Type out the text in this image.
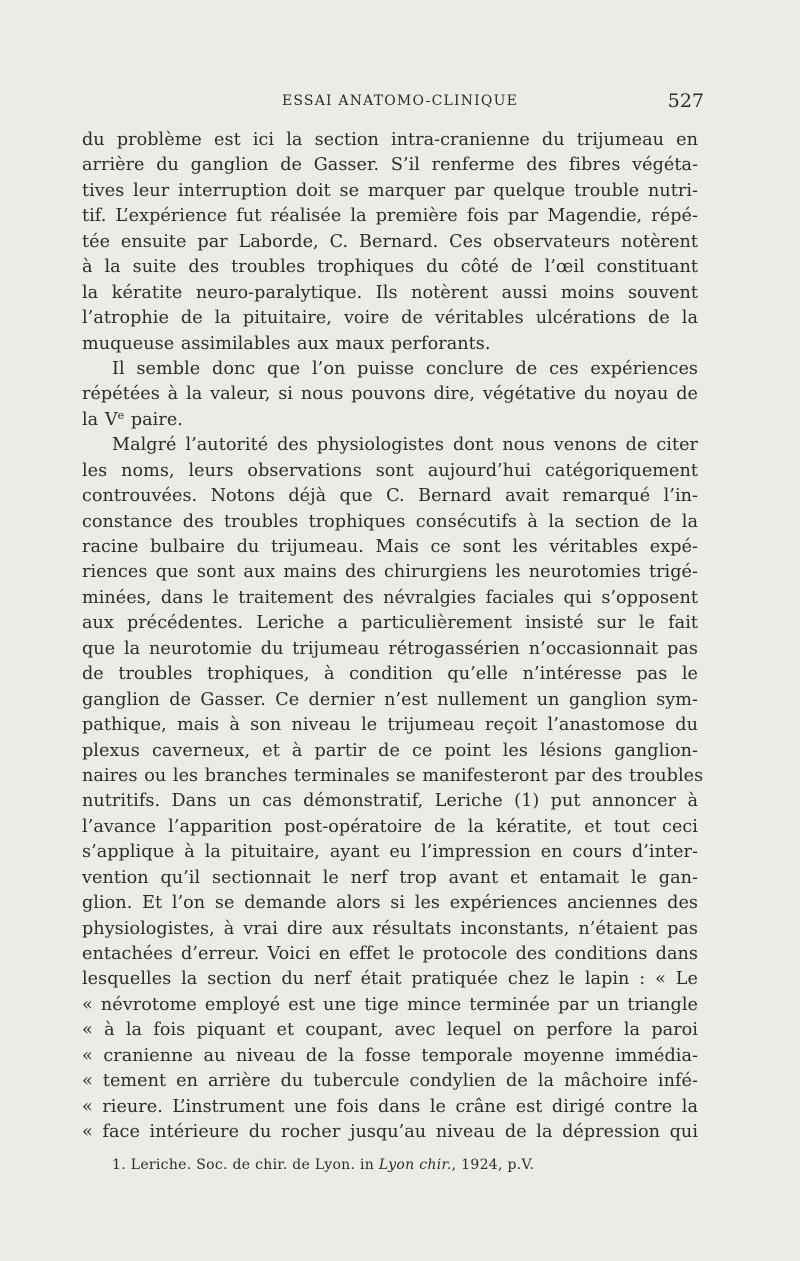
ESSAI ANATOMO-CLINIQUE	527
du problème est ici la section intra-cranienne du trijumeau en
arrière du ganglion de Gasser. S’il renferme des fibres végéta-
tives leur interruption doit se marquer par quelque trouble nutri-
tif. L’expérience fut réalisée la première fois par Magendie, répé-
tée ensuite par Laborde, C. Bernard. Ces observateurs notèrent
à la suite des troubles trophiques du côté de l’œil constituant
la kératite neuro-paralytique. Ils notèrent aussi moins souvent
l’atrophie de la pituitaire, voire de véritables ulcérations de la
muqueuse assimilables aux maux perforants.
Il semble donc que l’on puisse conclure de ces expériences
répétées à la valeur, si nous pouvons dire, végétative du noyau de
la Ve paire.
Malgré l’autorité des physiologistes dont nous venons de citer
les noms, leurs observations sont aujourd’hui catégoriquement
controuvées. Notons déjà que C. Bernard avait remarqué l’in-
constance des troubles trophiques consécutifs à la section de la
racine bulbaire du trijumeau. Mais ce sont les véritables expé-
riences que sont aux mains des chirurgiens les neurotomies trigé-
minées, dans le traitement des névralgies faciales qui s’opposent
aux précédentes. Leriche a particulièrement insisté sur le fait
que la neurotomie du trijumeau rétrogassérien n’occasionnait pas
de troubles trophiques, à condition qu’elle n’intéresse pas le
ganglion de Gasser. Ce dernier n’est nullement un ganglion sym-
pathique, mais à son niveau le trijumeau reçoit l’anastomose du
plexus caverneux, et à partir de ce point les lésions ganglion-
naires ou les branches terminales se manifesteront par des troubles
nutritifs. Dans un cas démonstratif, Leriche (1) put annoncer à
l’avance l’apparition post-opératoire de la kératite, et tout ceci
s’applique à la pituitaire, ayant eu l’impression en cours d’inter-
vention qu’il sectionnait le nerf trop avant et entamait le gan-
glion. Et l’on se demande alors si les expériences anciennes des
physiologistes, à vrai dire aux résultats inconstants, n’étaient pas
entachées d’erreur. Voici en effet le protocole des conditions dans
lesquelles la section du nerf était pratiquée chez le lapin : « Le
« névrotome employé est une tige mince terminée par un triangle
« à la fois piquant et coupant, avec lequel on perfore la paroi
« cranienne au niveau de la fosse temporale moyenne immédia-
« tement en arrière du tubercule condylien de la mâchoire infé-
« rieure. L’instrument une fois dans le crâne est dirigé contre la
« face intérieure du rocher jusqu’au niveau de la dépression qui
1. Leriche. Soc. de chir. de Lyon. in Lyon chir., 1924, p.V.
